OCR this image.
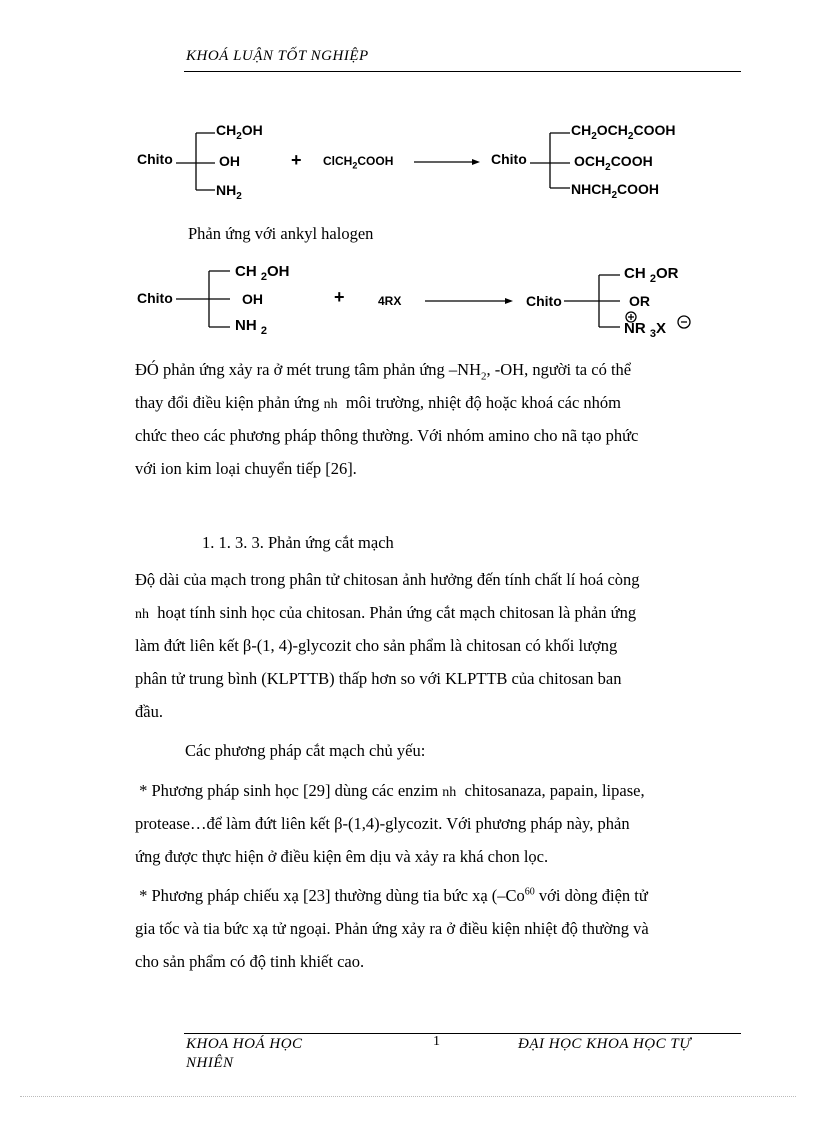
KHOÁ LUẬN TỐT NGHIỆP
Chito
$CH_2OH$
OH
$NH_2$
+ ClCH$_2$COOH	Chito
$CH_2OCH_2COOH$
$OCH_2COOH$
$NHCH_2COOH$
Phản ứng với ankyl halogen
Chito
CH $_2$OH
OH
NH $_2$
+	4RX	Chito
CH $_2$OR
OR
NR $_3$X
ĐÓ phản ứng xảy ra ở mét trung tâm phản ứng $-NH_2$, -OH, người ta có thể
thay đổi điều kiện phản ứng nh  môi trường, nhiệt độ hoặc khoá các nhóm
chức theo các phương pháp thông thường. Với nhóm amino cho nã tạo phức
với ion kim loại chuyển tiếp [26].
1. 1. 3. 3. Phản ứng cắt mạch
Độ dài của mạch trong phân tử chitosan ảnh hưởng đến tính chất lí hoá còng
nh  hoạt tính sinh học của chitosan. Phản ứng cắt mạch chitosan là phản ứng
làm đứt liên kết β-(1, 4)-glycozit cho sản phẩm là chitosan có khối lượng
phân tử trung bình (KLPTTB) thấp hơn so với KLPTTB của chitosan ban
đầu.
Các phương pháp cắt mạch chủ yếu:
* Phương pháp sinh học [29] dùng các enzim nh  chitosanaza, papain, lipase,
protease…để làm đứt liên kết β-(1,4)-glycozit. Với phương pháp này, phản
ứng được thực hiện ở điều kiện êm dịu và xảy ra khá chon lọc.
* Phương pháp chiếu xạ [23] thường dùng tia bức xạ (–Co$^{60}$ với dòng điện tử
gia tốc và tia bức xạ tử ngoại. Phản ứng xảy ra ở điều kiện nhiệt độ thường và
cho sản phẩm có độ tinh khiết cao.
KHOA HOÁ HỌC
NHIÊN
1	ĐẠI HỌC KHOA HỌC TỰ
